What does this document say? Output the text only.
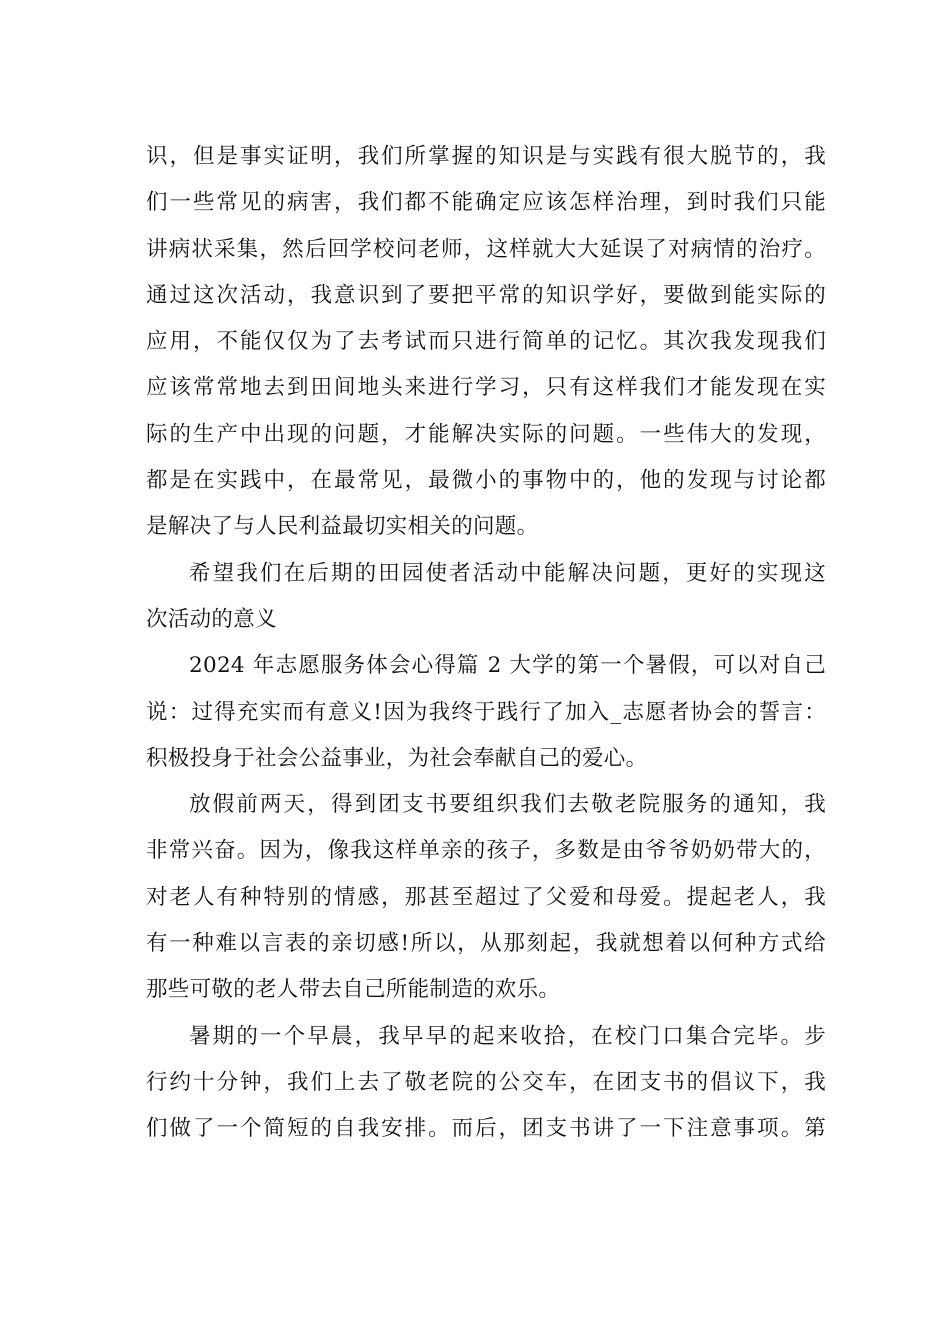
识，但是事实证明，我们所掌握的知识是与实践有很大脱节的，我
们一些常见的病害，我们都不能确定应该怎样治理，到时我们只能
讲病状采集，然后回学校问老师，这样就大大延误了对病情的治疗。
通过这次活动，我意识到了要把平常的知识学好，要做到能实际的
应用，不能仅仅为了去考试而只进行简单的记忆。其次我发现我们
应该常常地去到田间地头来进行学习，只有这样我们才能发现在实
际的生产中出现的问题，才能解决实际的问题。一些伟大的发现，
都是在实践中，在最常见，最微小的事物中的，他的发现与讨论都
是解决了与人民利益最切实相关的问题。
希望我们在后期的田园使者活动中能解决问题，更好的实现这
次活动的意义
2024 年志愿服务体会心得篇 2 大学的第一个暑假，可以对自己
说：过得充实而有意义!因为我终于践行了加入_志愿者协会的誓言：
积极投身于社会公益事业，为社会奉献自己的爱心。
放假前两天，得到团支书要组织我们去敬老院服务的通知，我
非常兴奋。因为，像我这样单亲的孩子，多数是由爷爷奶奶带大的，
对老人有种特别的情感，那甚至超过了父爱和母爱。提起老人，我
有一种难以言表的亲切感!所以，从那刻起，我就想着以何种方式给
那些可敬的老人带去自己所能制造的欢乐。
暑期的一个早晨，我早早的起来收拾，在校门口集合完毕。步
行约十分钟，我们上去了敬老院的公交车，在团支书的倡议下，我
们做了一个简短的自我安排。而后，团支书讲了一下注意事项。第
